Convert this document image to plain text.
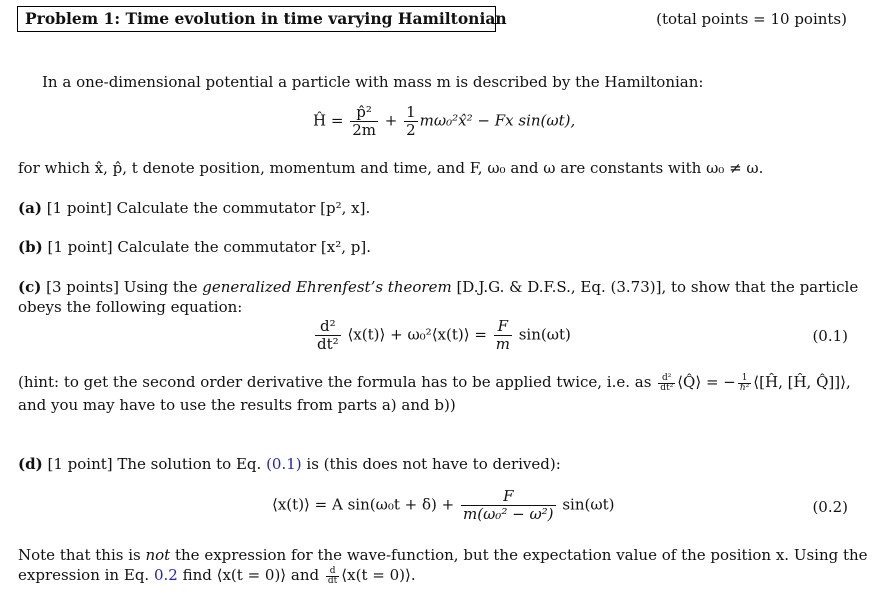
Problem 1: Time evolution in time varying Hamiltonian	(total points = 10 points)
In a one-dimensional potential a particle with mass m is described by the Hamiltonian:
Ĥ = $\frac{\text{p̂²}}{2m} + \frac{1}{2}$ mω₀²x̂² − Fx sin(ωt),
for which x̂, p̂, t denote position, momentum and time, and F, ω₀ and ω are constants with ω₀ ≠ ω.
(a) [1 point] Calculate the commutator [p², x].
(b) [1 point] Calculate the commutator [x², p].
(c) [3 points] Using the generalized Ehrenfest’s theorem [D.J.G. & D.F.S., Eq. (3.73)], to show that the particle
obeys the following equation:
$\frac{\text{d²}}{\text{dt²}}$ ⟨x(t)⟩ + ω₀²⟨x(t)⟩ = $\frac{F}{m} \sin(\omega t)$	(0.1)
(hint: to get the second order derivative the formula has to be applied twice, i.e. as $\frac{\text{d²}}{\text{dt²}}$ ⟨Q̂⟩ = − $\frac{1}{\text{ℏ²}}$ ⟨[Ĥ, [Ĥ, Q̂]]⟩,
and you may have to use the results from parts a) and b))
(d) [1 point] The solution to Eq. (0.1) is (this does not have to derived):
⟨x(t)⟩ = A $\sin(\omega_0t + \delta) + \frac{F}{\text{m(ω₀² − ω²)}} \sin(\omega t)$	(0.2)
Note that this is not the expression for the wave-function, but the expectation value of the position x. Using the
expression in Eq. 0.2 find ⟨x(t = 0)⟩ and $\frac{d}{dt}$ ⟨x(t = 0)⟩.
